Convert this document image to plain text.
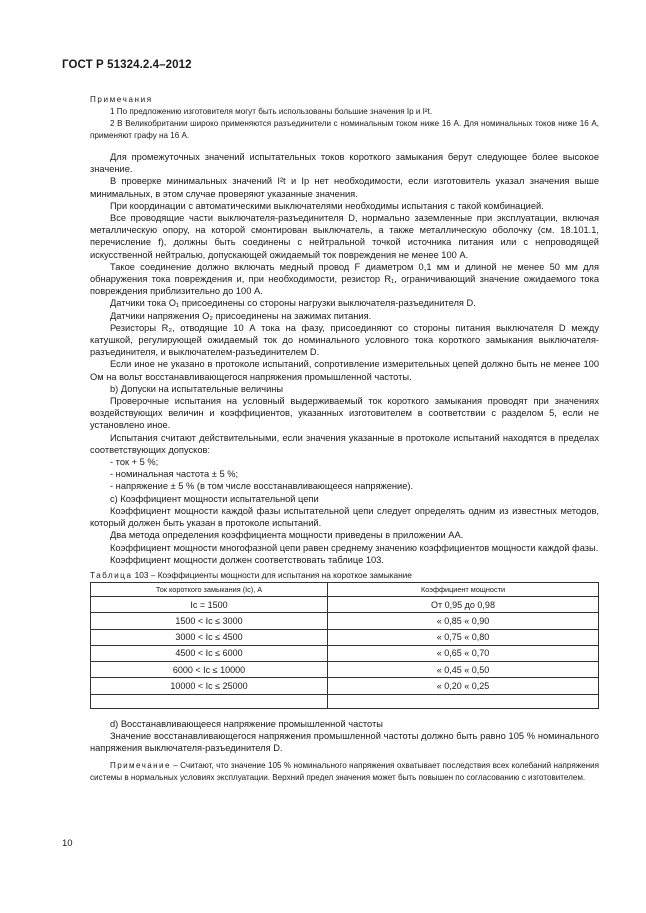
ГОСТ Р 51324.2.4–2012

Примечания

1 По предложению изготовителя могут быть использованы большие значения Iр и I²t.

2 В Великобритании широко применяются разъединители с номинальным током ниже 16 А. Для номинальных токов ниже 16 А, применяют графу на 16 А.

Для промежуточных значений испытательных токов короткого замыкания берут следующее более высокое значение.

В проверке минимальных значений I²t и Iр нет необходимости, если изготовитель указал значения выше минимальных, в этом случае проверяют указанные значения.

При координации с автоматическими выключателями необходимы испытания с такой комбинацией.

Все проводящие части выключателя-разъединителя D, нормально заземленные при эксплуатации, включая металлическую опору, на которой смонтирован выключатель, а также металлическую оболочку (см. 18.101.1, перечисление f), должны быть соединены с нейтральной точкой источника питания или с непроводящей искусственной нейтралью, допускающей ожидаемый ток повреждения не менее 100 А.

Такое соединение должно включать медный провод F диаметром 0,1 мм и длиной не менее 50 мм для обнаружения тока повреждения и, при необходимости, резистор R₁, ограничивающий значение ожидаемого тока повреждения приблизительно до 100 А.

Датчики тока O₁ присоединены со стороны нагрузки выключателя-разъединителя D.

Датчики напряжения O₂ присоединены на зажимах питания.

Резисторы R₂, отводящие 10 А тока на фазу, присоединяют со стороны питания выключателя D между катушкой, регулирующей ожидаемый ток до номинального условного тока короткого замыкания выключателя-разъединителя, и выключателем-разъединителем D.

Если иное не указано в протоколе испытаний, сопротивление измерительных цепей должно быть не менее 100 Ом на вольт восстанавливающегося напряжения промышленной частоты.

b) Допуски на испытательные величины

Проверочные испытания на условный выдерживаемый ток короткого замыкания проводят при значениях воздействующих величин и коэффициентов, указанных изготовителем в соответствии с разделом 5, если не установлено иное.

Испытания считают действительными, если значения указанные в протоколе испытаний находятся в пределах соответствующих допусков:

- ток + 5 %;

- номинальная частота ± 5 %;

- напряжение ± 5 % (в том числе восстанавливающееся напряжение).

c) Коэффициент мощности испытательной цепи

Коэффициент мощности каждой фазы испытательной цепи следует определять одним из известных методов, который должен быть указан в протоколе испытаний.

Два метода определения коэффициента мощности приведены в приложении АА.

Коэффициент мощности многофазной цепи равен среднему значению коэффициентов мощности каждой фазы.

Коэффициент мощности должен соответствовать таблице 103.

Таблица 103 – Коэффициенты мощности для испытания на короткое замыкание
Ток короткого замыкания (Iс), А	Коэффициент мощности
Iс = 1500	От 0,95 до 0,98
1500 < Iс ≤ 3000	« 0,85 « 0,90
3000 < Iс ≤ 4500	« 0,75 « 0,80
4500 < Iс ≤ 6000	« 0,65 « 0,70
6000 < Iс ≤ 10000	« 0,45 « 0,50
10000 < Iс ≤ 25000	« 0,20 « 0,25

d) Восстанавливающееся напряжение промышленной частоты

Значение восстанавливающегося напряжения промышленной частоты должно быть равно 105 % номинального напряжения выключателя-разъединителя D.

Примечание – Считают, что значение 105 % номинального напряжения охватывает последствия всех колебаний напряжения системы в нормальных условиях эксплуатации. Верхний предел значения может быть повышен по согласованию с изготовителем.

10
